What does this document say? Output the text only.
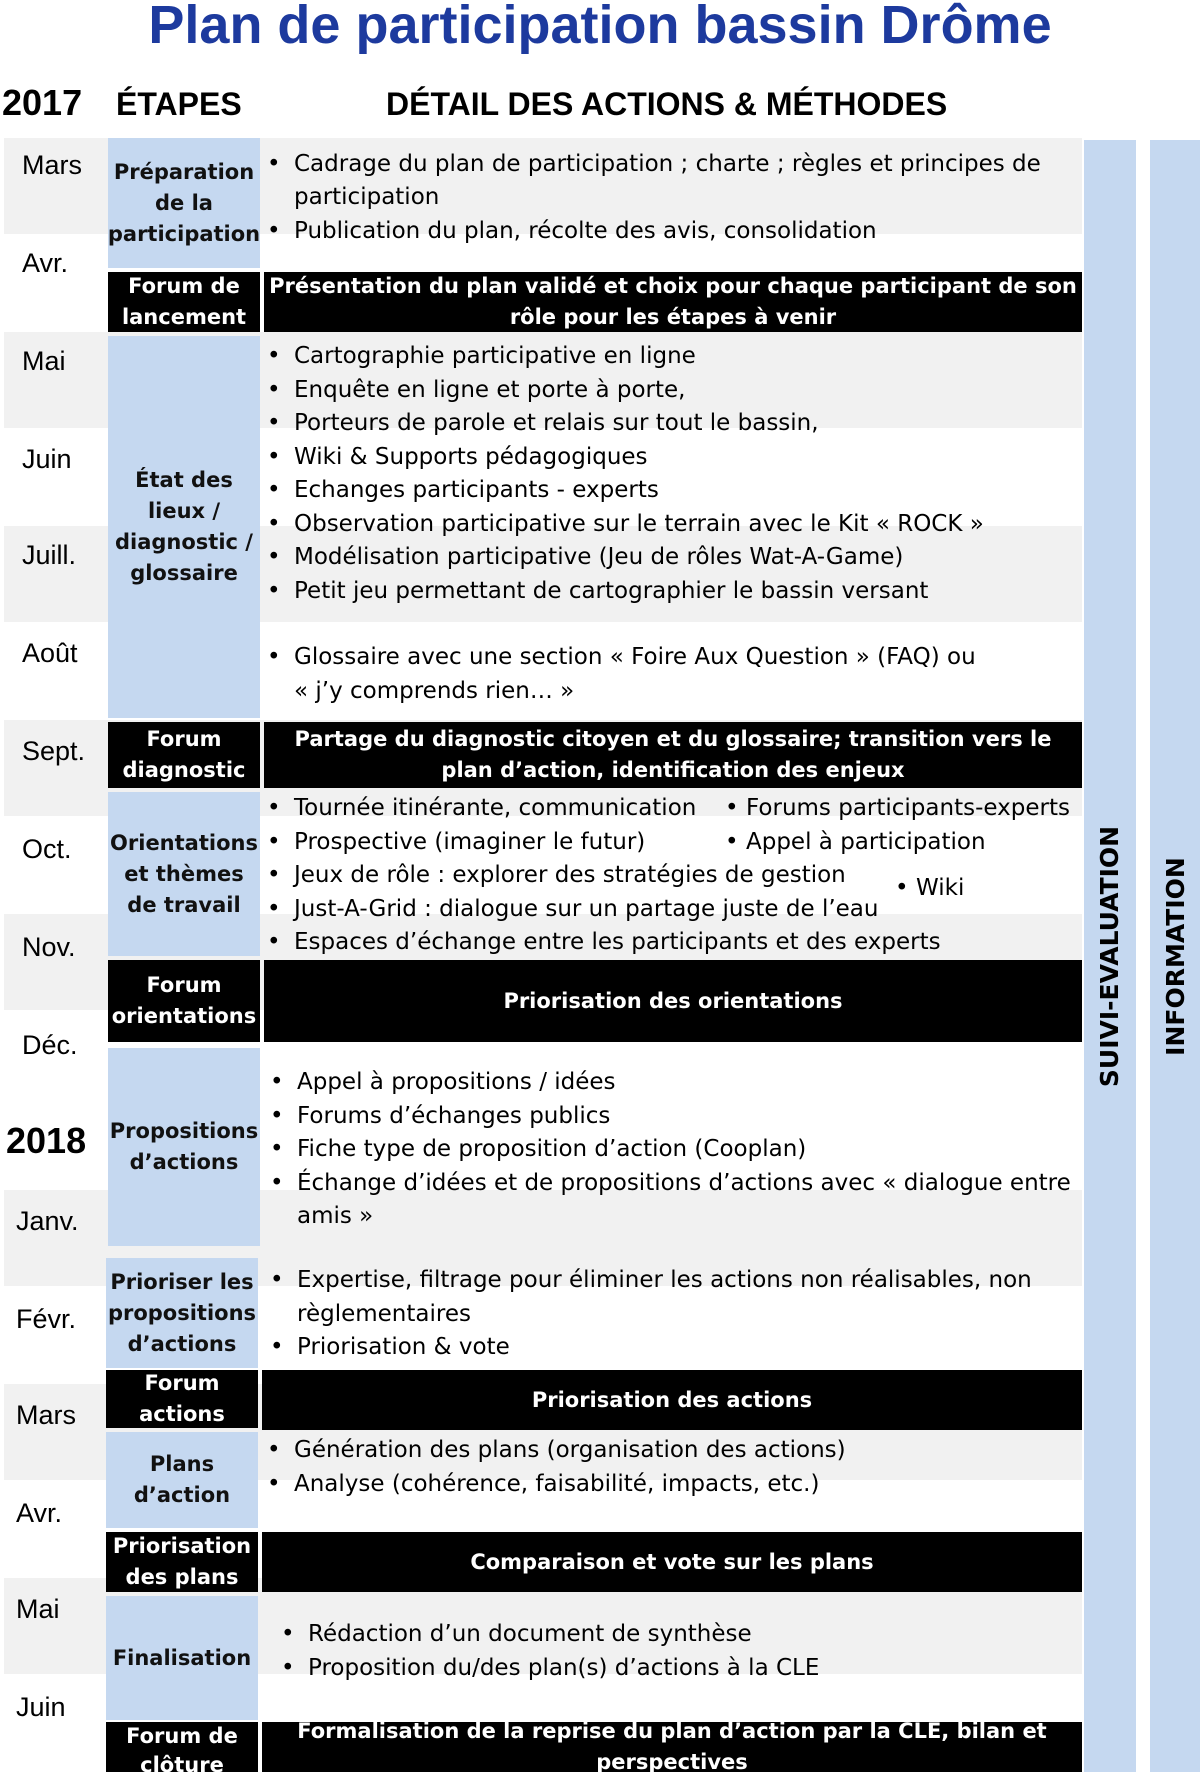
Plan de participation bassin Drôme
2017 ÉTAPES	DÉTAIL DES ACTIONS & MÉTHODES
Mars
Avr.
Mai
Juin
Juill.
Août
Sept.
Oct.
Nov.
Déc.
2018
Janv.
Févr.
Mars
Avr.
Mai
Juin
Préparation de la participation
Forum de lancement
État des lieux / diagnostic / glossaire
Forum diagnostic
Orientations et thèmes de travail
Forum orientations
Propositions d’actions
Prioriser les propositions d’actions
Forum actions
Plans d’action
Priorisation des plans
Finalisation
Forum de clôture
• Cadrage du plan de participation ; charte ; règles et principes de
participation
• Publication du plan, récolte des avis, consolidation
Présentation du plan validé et choix pour chaque participant de son rôle pour les étapes à venir
• Cartographie participative en ligne
• Enquête en ligne et porte à porte,
• Porteurs de parole et relais sur tout le bassin,
• Wiki & Supports pédagogiques
• Echanges participants - experts
• Observation participative sur le terrain avec le Kit « ROCK »
• Modélisation participative (Jeu de rôles Wat-A-Game)
• Petit jeu permettant de cartographier le bassin versant
• Glossaire avec une section « Foire Aux Question » (FAQ) ou
« j’y comprends rien… »
Partage du diagnostic citoyen et du glossaire; transition vers le plan d’action, identification des enjeux
• Tournée itinérante, communication
• Prospective (imaginer le futur)
• Jeux de rôle : explorer des stratégies de gestion
• Just-A-Grid : dialogue sur un partage juste de l’eau
• Espaces d’échange entre les participants et des experts
• Forums participants-experts
• Appel à participation
• Wiki
Priorisation des orientations
• Appel à propositions / idées
• Forums d’échanges publics
• Fiche type de proposition d’action (Cooplan)
• Échange d’idées et de propositions d’actions avec « dialogue entre
amis »
• Expertise, filtrage pour éliminer les actions non réalisables, non
règlementaires
• Priorisation & vote
Priorisation des actions
• Génération des plans (organisation des actions)
• Analyse (cohérence, faisabilité, impacts, etc.)
Comparaison et vote sur les plans
• Rédaction d’un document de synthèse
• Proposition du/des plan(s) d’actions à la CLE
Formalisation de la reprise du plan d’action par la CLE, bilan et perspectives
SUIVI-EVALUATION INFORMATION
